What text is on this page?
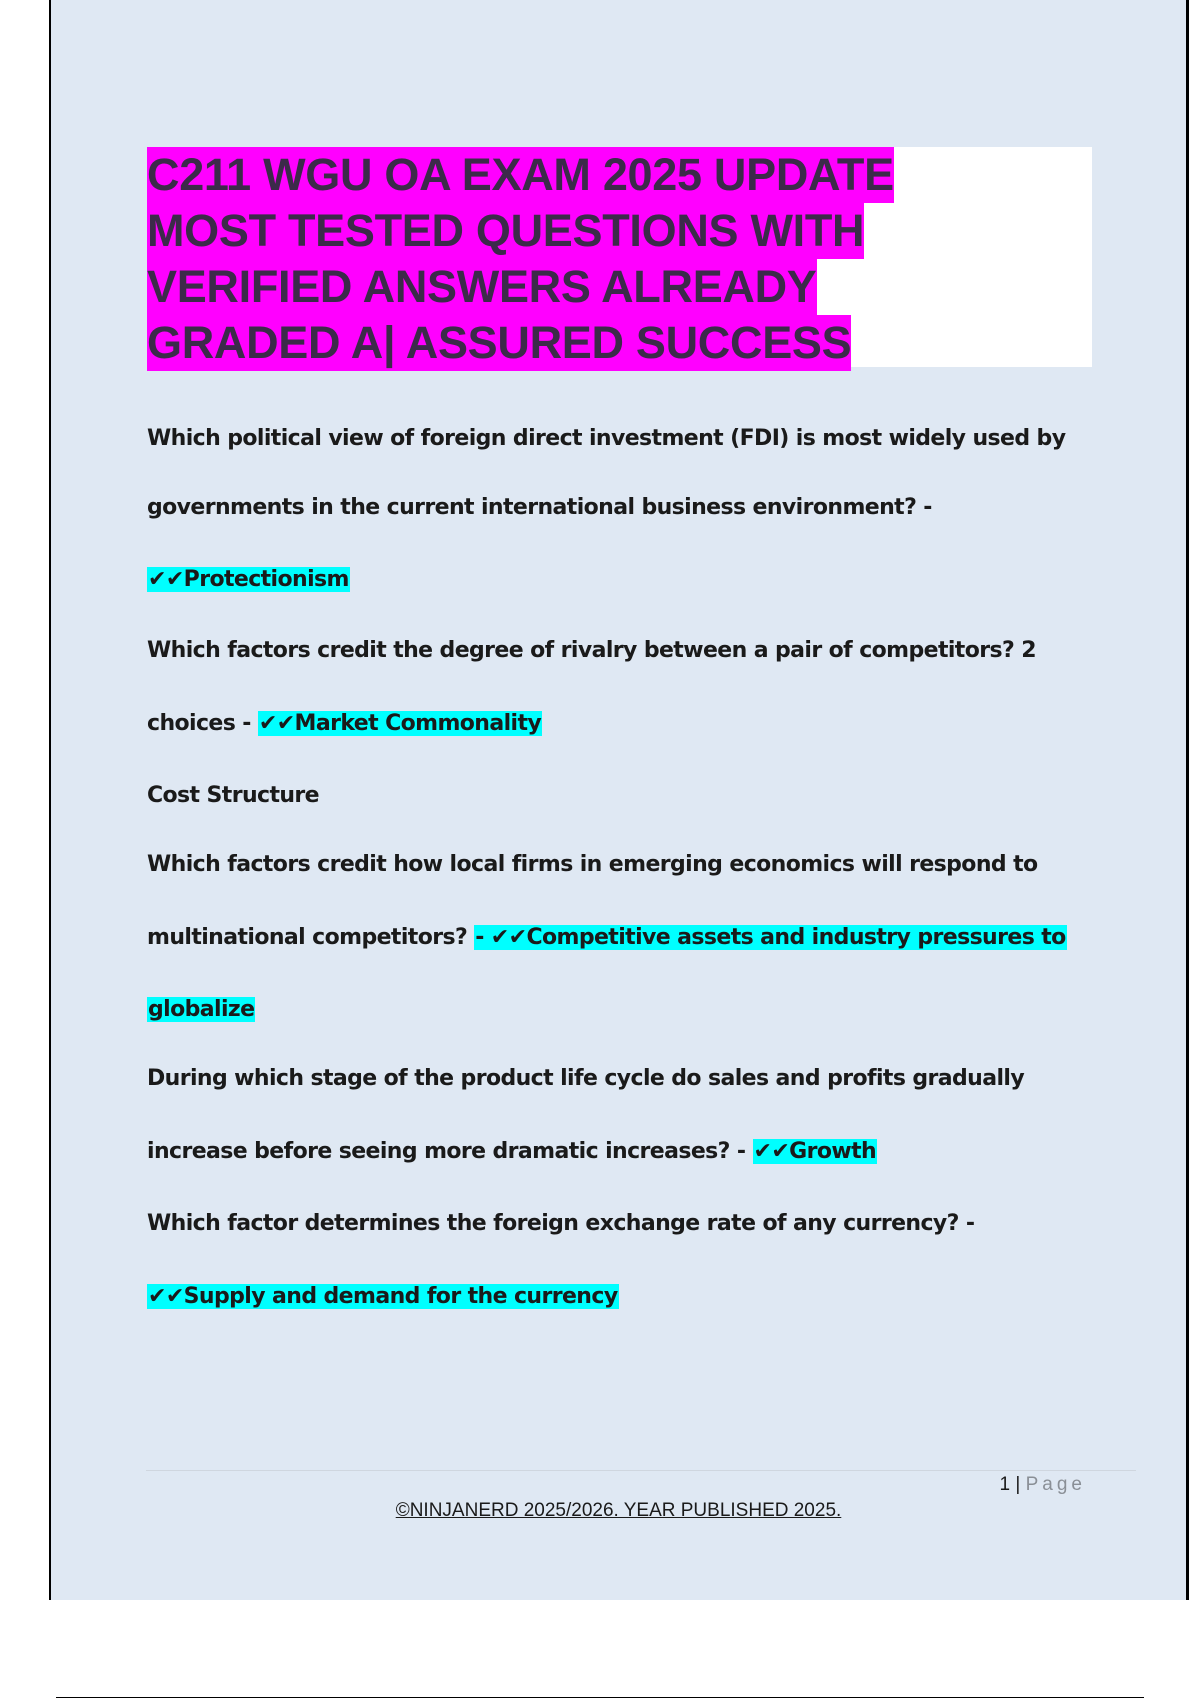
C211 WGU OA EXAM 2025 UPDATE
MOST TESTED QUESTIONS WITH
VERIFIED ANSWERS ALREADY
GRADED A| ASSURED SUCCESS
Which political view of foreign direct investment (FDI) is most widely used by
governments in the current international business environment? -
✔✔Protectionism
Which factors credit the degree of rivalry between a pair of competitors? 2
choices - ✔✔Market Commonality
Cost Structure
Which factors credit how local firms in emerging economics will respond to
multinational competitors? - ✔✔Competitive assets and industry pressures to
globalize
During which stage of the product life cycle do sales and profits gradually
increase before seeing more dramatic increases? - ✔✔Growth
Which factor determines the foreign exchange rate of any currency? -
✔✔Supply and demand for the currency
1 | Page
©NINJANERD 2025/2026. YEAR PUBLISHED 2025.
